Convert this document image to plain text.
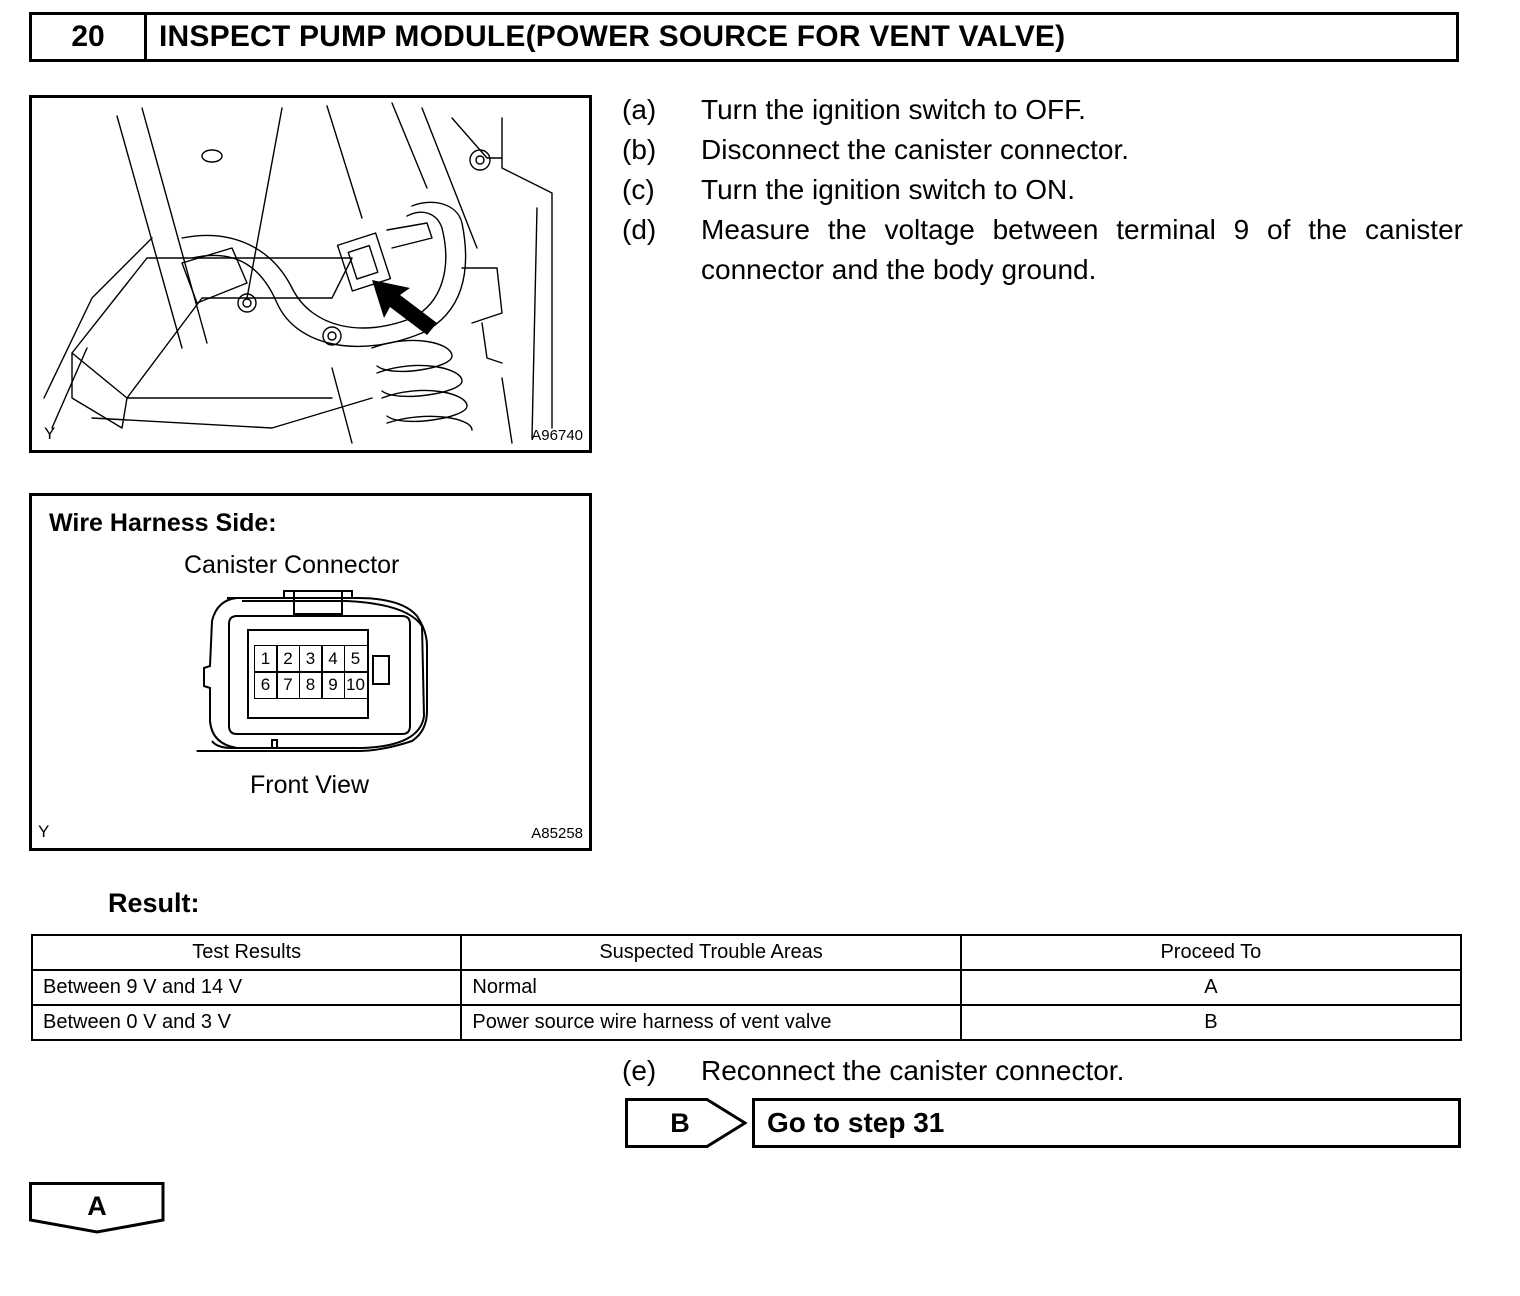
20	INSPECT PUMP MODULE(POWER SOURCE FOR VENT VALVE)
Y	A96740
Wire Harness Side:
Canister Connector
1 2 3 4 5
6 7 8 9 10
Front View
Y	A85258
(a) Turn the ignition switch to OFF.
(b) Disconnect the canister connector.
(c) Turn the ignition switch to ON.
(d) Measure the voltage between terminal 9 of the canister connector and the body ground.
Result:
Test Results	Suspected Trouble Areas	Proceed To
Between 9 V and 14 V	Normal	A
Between 0 V and 3 V	Power source wire harness of vent valve	B
(e) Reconnect the canister connector.
B	Go to step 31
A
